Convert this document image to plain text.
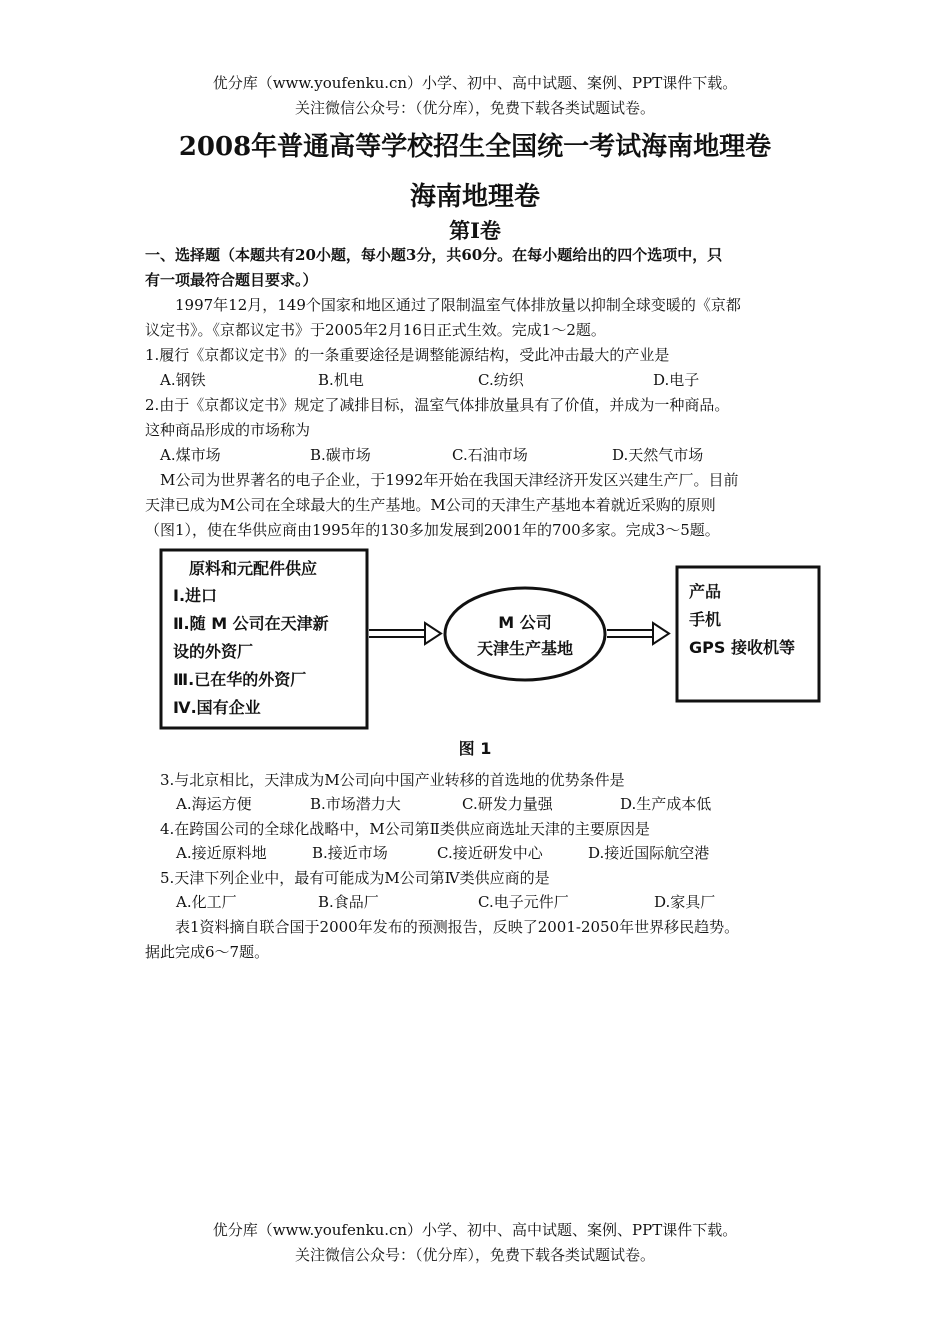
优分库（www.youfenku.cn）小学、初中、高中试题、案例、PPT课件下载。
关注微信公众号：（优分库），免费下载各类试题试卷。
2008年普通高等学校招生全国统一考试海南地理卷
海南地理卷
第Ⅰ卷
一、选择题（本题共有20小题，每小题3分，共60分。在每小题给出的四个选项中，只
有一项最符合题目要求。）
1997年12月，149个国家和地区通过了限制温室气体排放量以抑制全球变暖的《京都
议定书》。《京都议定书》于2005年2月16日正式生效。完成1～2题。
1.履行《京都议定书》的一条重要途径是调整能源结构，受此冲击最大的产业是
A.钢铁	B.机电	C.纺织	D.电子
2.由于《京都议定书》规定了减排目标，温室气体排放量具有了价值，并成为一种商品。
这种商品形成的市场称为
A.煤市场	B.碳市场	C.石油市场	D.天然气市场
M公司为世界著名的电子企业，于1992年开始在我国天津经济开发区兴建生产厂。目前
天津已成为M公司在全球最大的生产基地。M公司的天津生产基地本着就近采购的原则
（图1），使在华供应商由1995年的130多加发展到2001年的700多家。完成3～5题。
原料和元配件供应
Ⅰ.进口
Ⅱ.随 M 公司在天津新
设的外资厂
Ⅲ.已在华的外资厂
Ⅳ.国有企业
M 公司
天津生产基地
产品
手机
GPS 接收机等
图 1
3.与北京相比，天津成为M公司向中国产业转移的首选地的优势条件是
A.海运方便	B.市场潜力大	C.研发力量强	D.生产成本低
4.在跨国公司的全球化战略中，M公司第Ⅱ类供应商选址天津的主要原因是
A.接近原料地	B.接近市场	C.接近研发中心	D.接近国际航空港
5.天津下列企业中，最有可能成为M公司第Ⅳ类供应商的是
A.化工厂	B.食品厂	C.电子元件厂	D.家具厂
表1资料摘自联合国于2000年发布的预测报告，反映了2001-2050年世界移民趋势。
据此完成6～7题。
优分库（www.youfenku.cn）小学、初中、高中试题、案例、PPT课件下载。
关注微信公众号：（优分库），免费下载各类试题试卷。
